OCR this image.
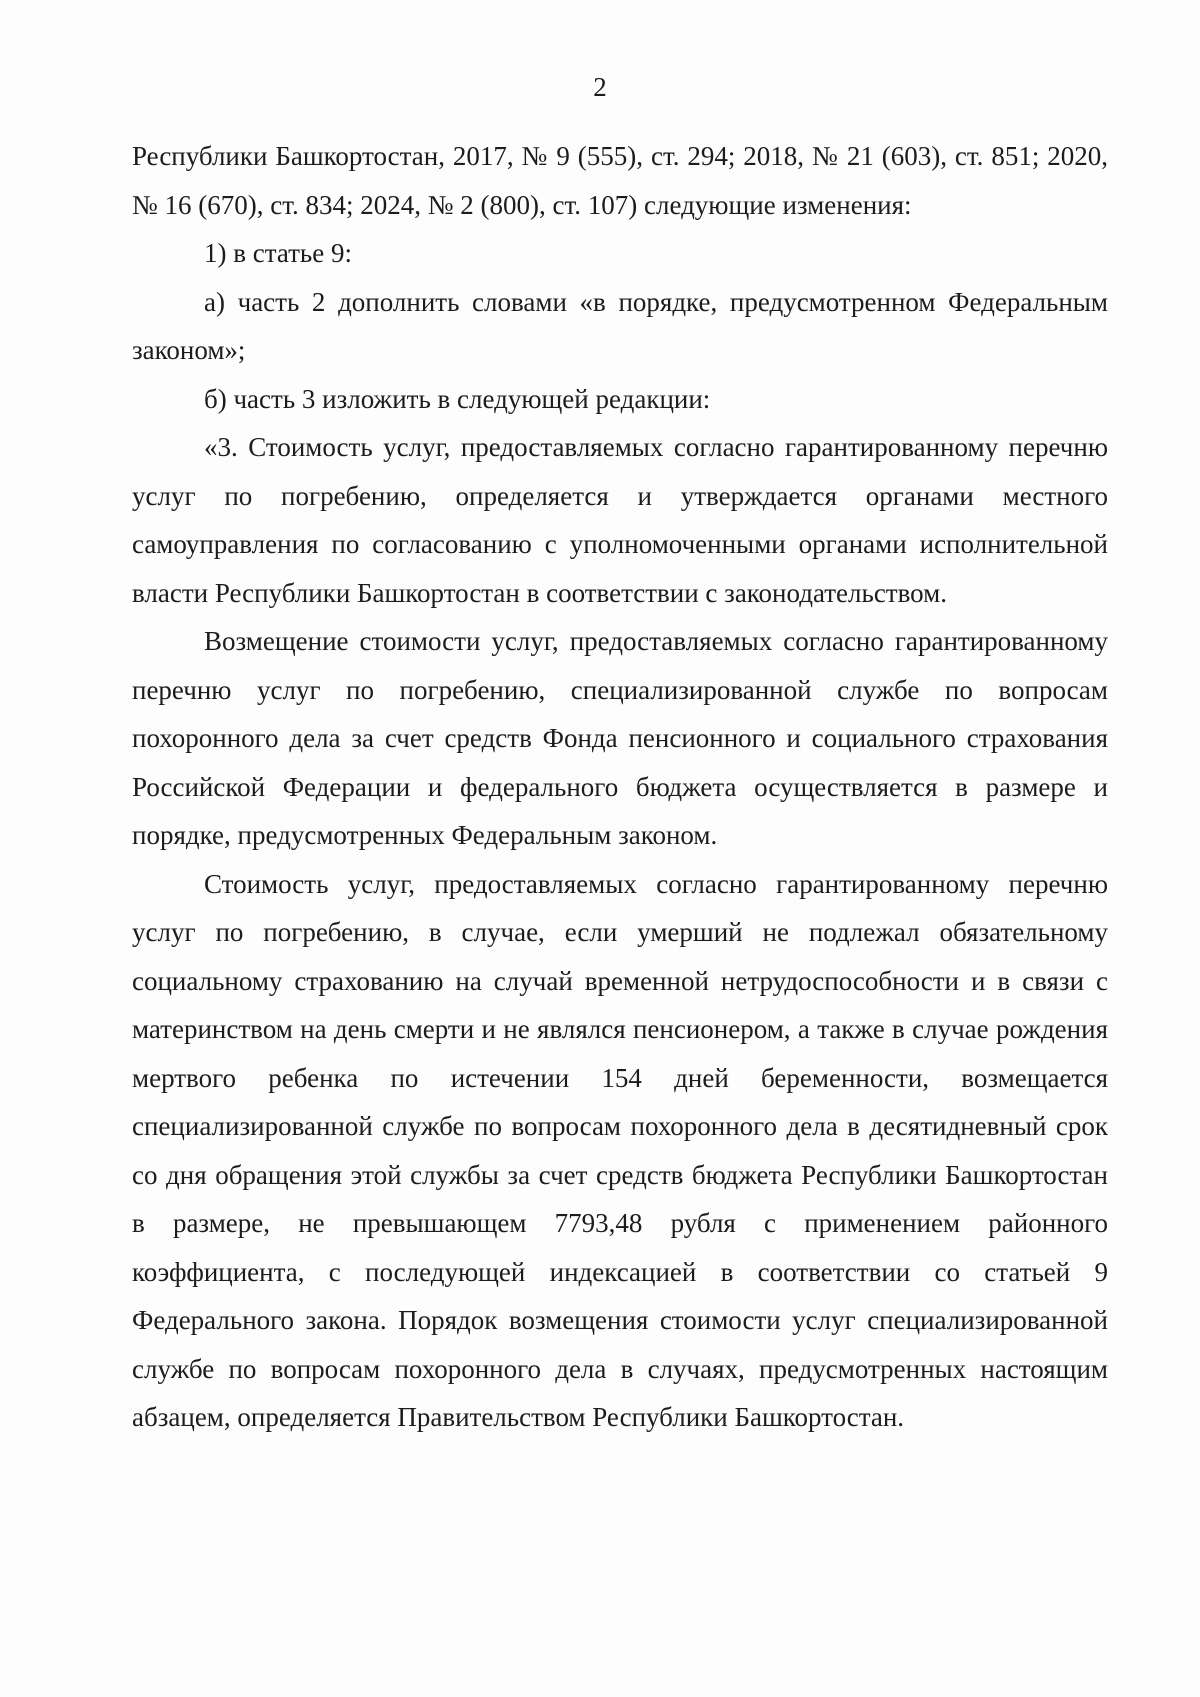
2

Республики Башкортостан, 2017, № 9 (555), ст. 294; 2018, № 21 (603), ст. 851; 2020, № 16 (670), ст. 834; 2024, № 2 (800), ст. 107) следующие изменения:

1) в статье 9:

а) часть 2 дополнить словами «в порядке, предусмотренном Федеральным законом»;

б) часть 3 изложить в следующей редакции:

«3. Стоимость услуг, предоставляемых согласно гарантированному перечню услуг по погребению, определяется и утверждается органами местного самоуправления по согласованию с уполномоченными органами исполнительной власти Республики Башкортостан в соответствии с законодательством.

Возмещение стоимости услуг, предоставляемых согласно гарантированному перечню услуг по погребению, специализированной службе по вопросам похоронного дела за счет средств Фонда пенсионного и социального страхования Российской Федерации и федерального бюджета осуществляется в размере и порядке, предусмотренных Федеральным законом.

Стоимость услуг, предоставляемых согласно гарантированному перечню услуг по погребению, в случае, если умерший не подлежал обязательному социальному страхованию на случай временной нетрудоспособности и в связи с материнством на день смерти и не являлся пенсионером, а также в случае рождения мертвого ребенка по истечении 154 дней беременности, возмещается специализированной службе по вопросам похоронного дела в десятидневный срок со дня обращения этой службы за счет средств бюджета Республики Башкортостан в размере, не превышающем 7793,48 рубля с применением районного коэффициента, с последующей индексацией в соответствии со статьей 9 Федерального закона. Порядок возмещения стоимости услуг специализированной службе по вопросам похоронного дела в случаях, предусмотренных настоящим абзацем, определяется Правительством Республики Башкортостан.
